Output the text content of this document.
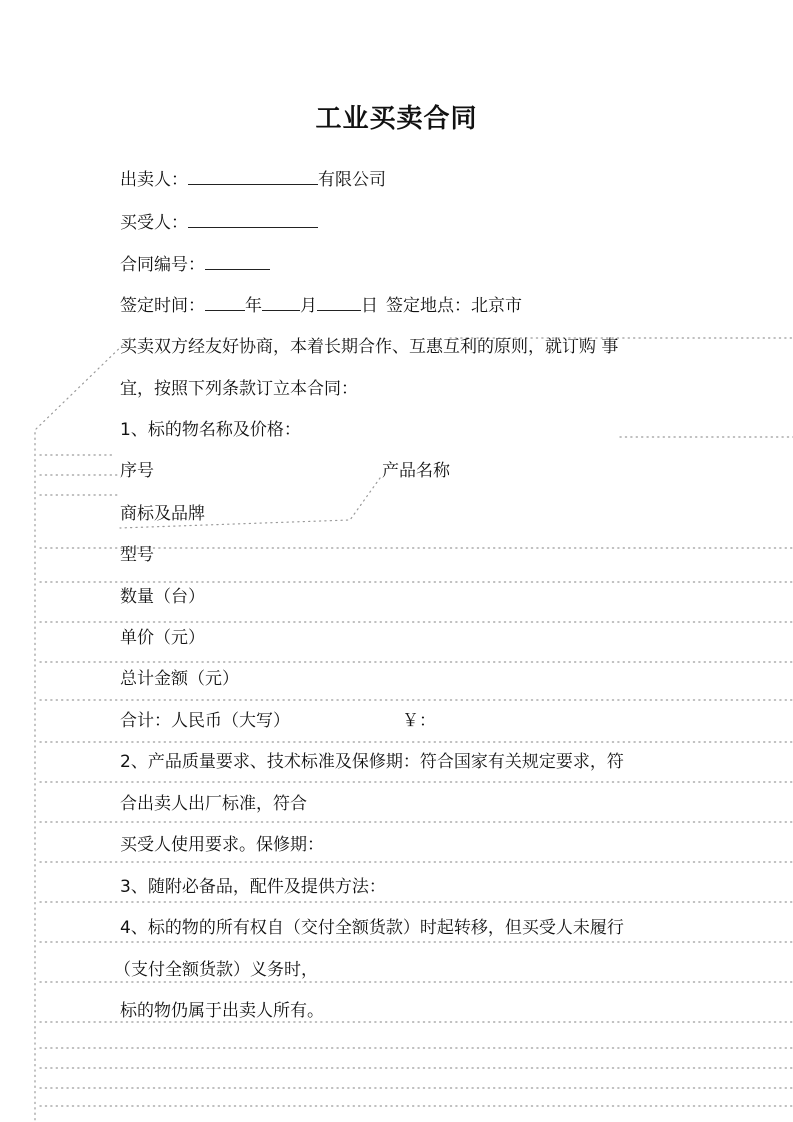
工业买卖合同
出卖人：	有限公司
买受人：
合同编号：
签定时间： 年 月	日 签定地点：北京市
买卖双方经友好协商，本着长期合作、互惠互利的原则，就订购 事
宜，按照下列条款订立本合同：
1、标的物名称及价格：
序号	产品名称
商标及品牌
型号
数量（台）
单价（元）
总计金额（元）
合计：人民币（大写）	￥：
2、产品质量要求、技术标准及保修期：符合国家有关规定要求，符
合出卖人出厂标准，符合
买受人使用要求。保修期：
3、随附必备品，配件及提供方法：
4、标的物的所有权自（交付全额货款）时起转移，但买受人未履行
（支付全额货款）义务时，
标的物仍属于出卖人所有。
